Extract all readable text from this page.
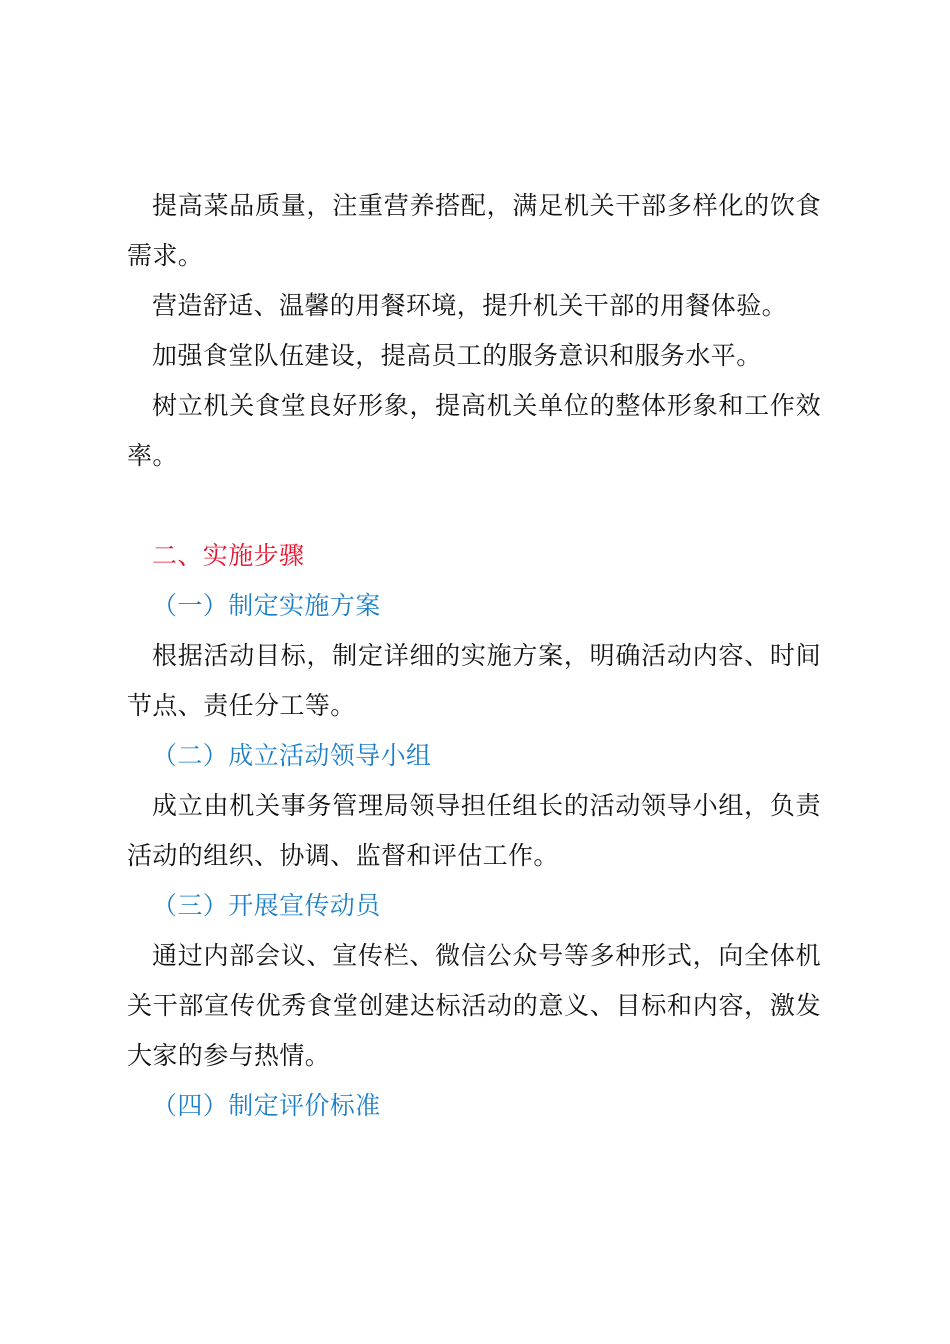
提高菜品质量，注重营养搭配，满足机关干部多样化的饮食需求。

营造舒适、温馨的用餐环境，提升机关干部的用餐体验。

加强食堂队伍建设，提高员工的服务意识和服务水平。

树立机关食堂良好形象，提高机关单位的整体形象和工作效率。

二、实施步骤

（一）制定实施方案

根据活动目标，制定详细的实施方案，明确活动内容、时间节点、责任分工等。

（二）成立活动领导小组

成立由机关事务管理局领导担任组长的活动领导小组，负责活动的组织、协调、监督和评估工作。

（三）开展宣传动员

通过内部会议、宣传栏、微信公众号等多种形式，向全体机关干部宣传优秀食堂创建达标活动的意义、目标和内容，激发大家的参与热情。

（四）制定评价标准
